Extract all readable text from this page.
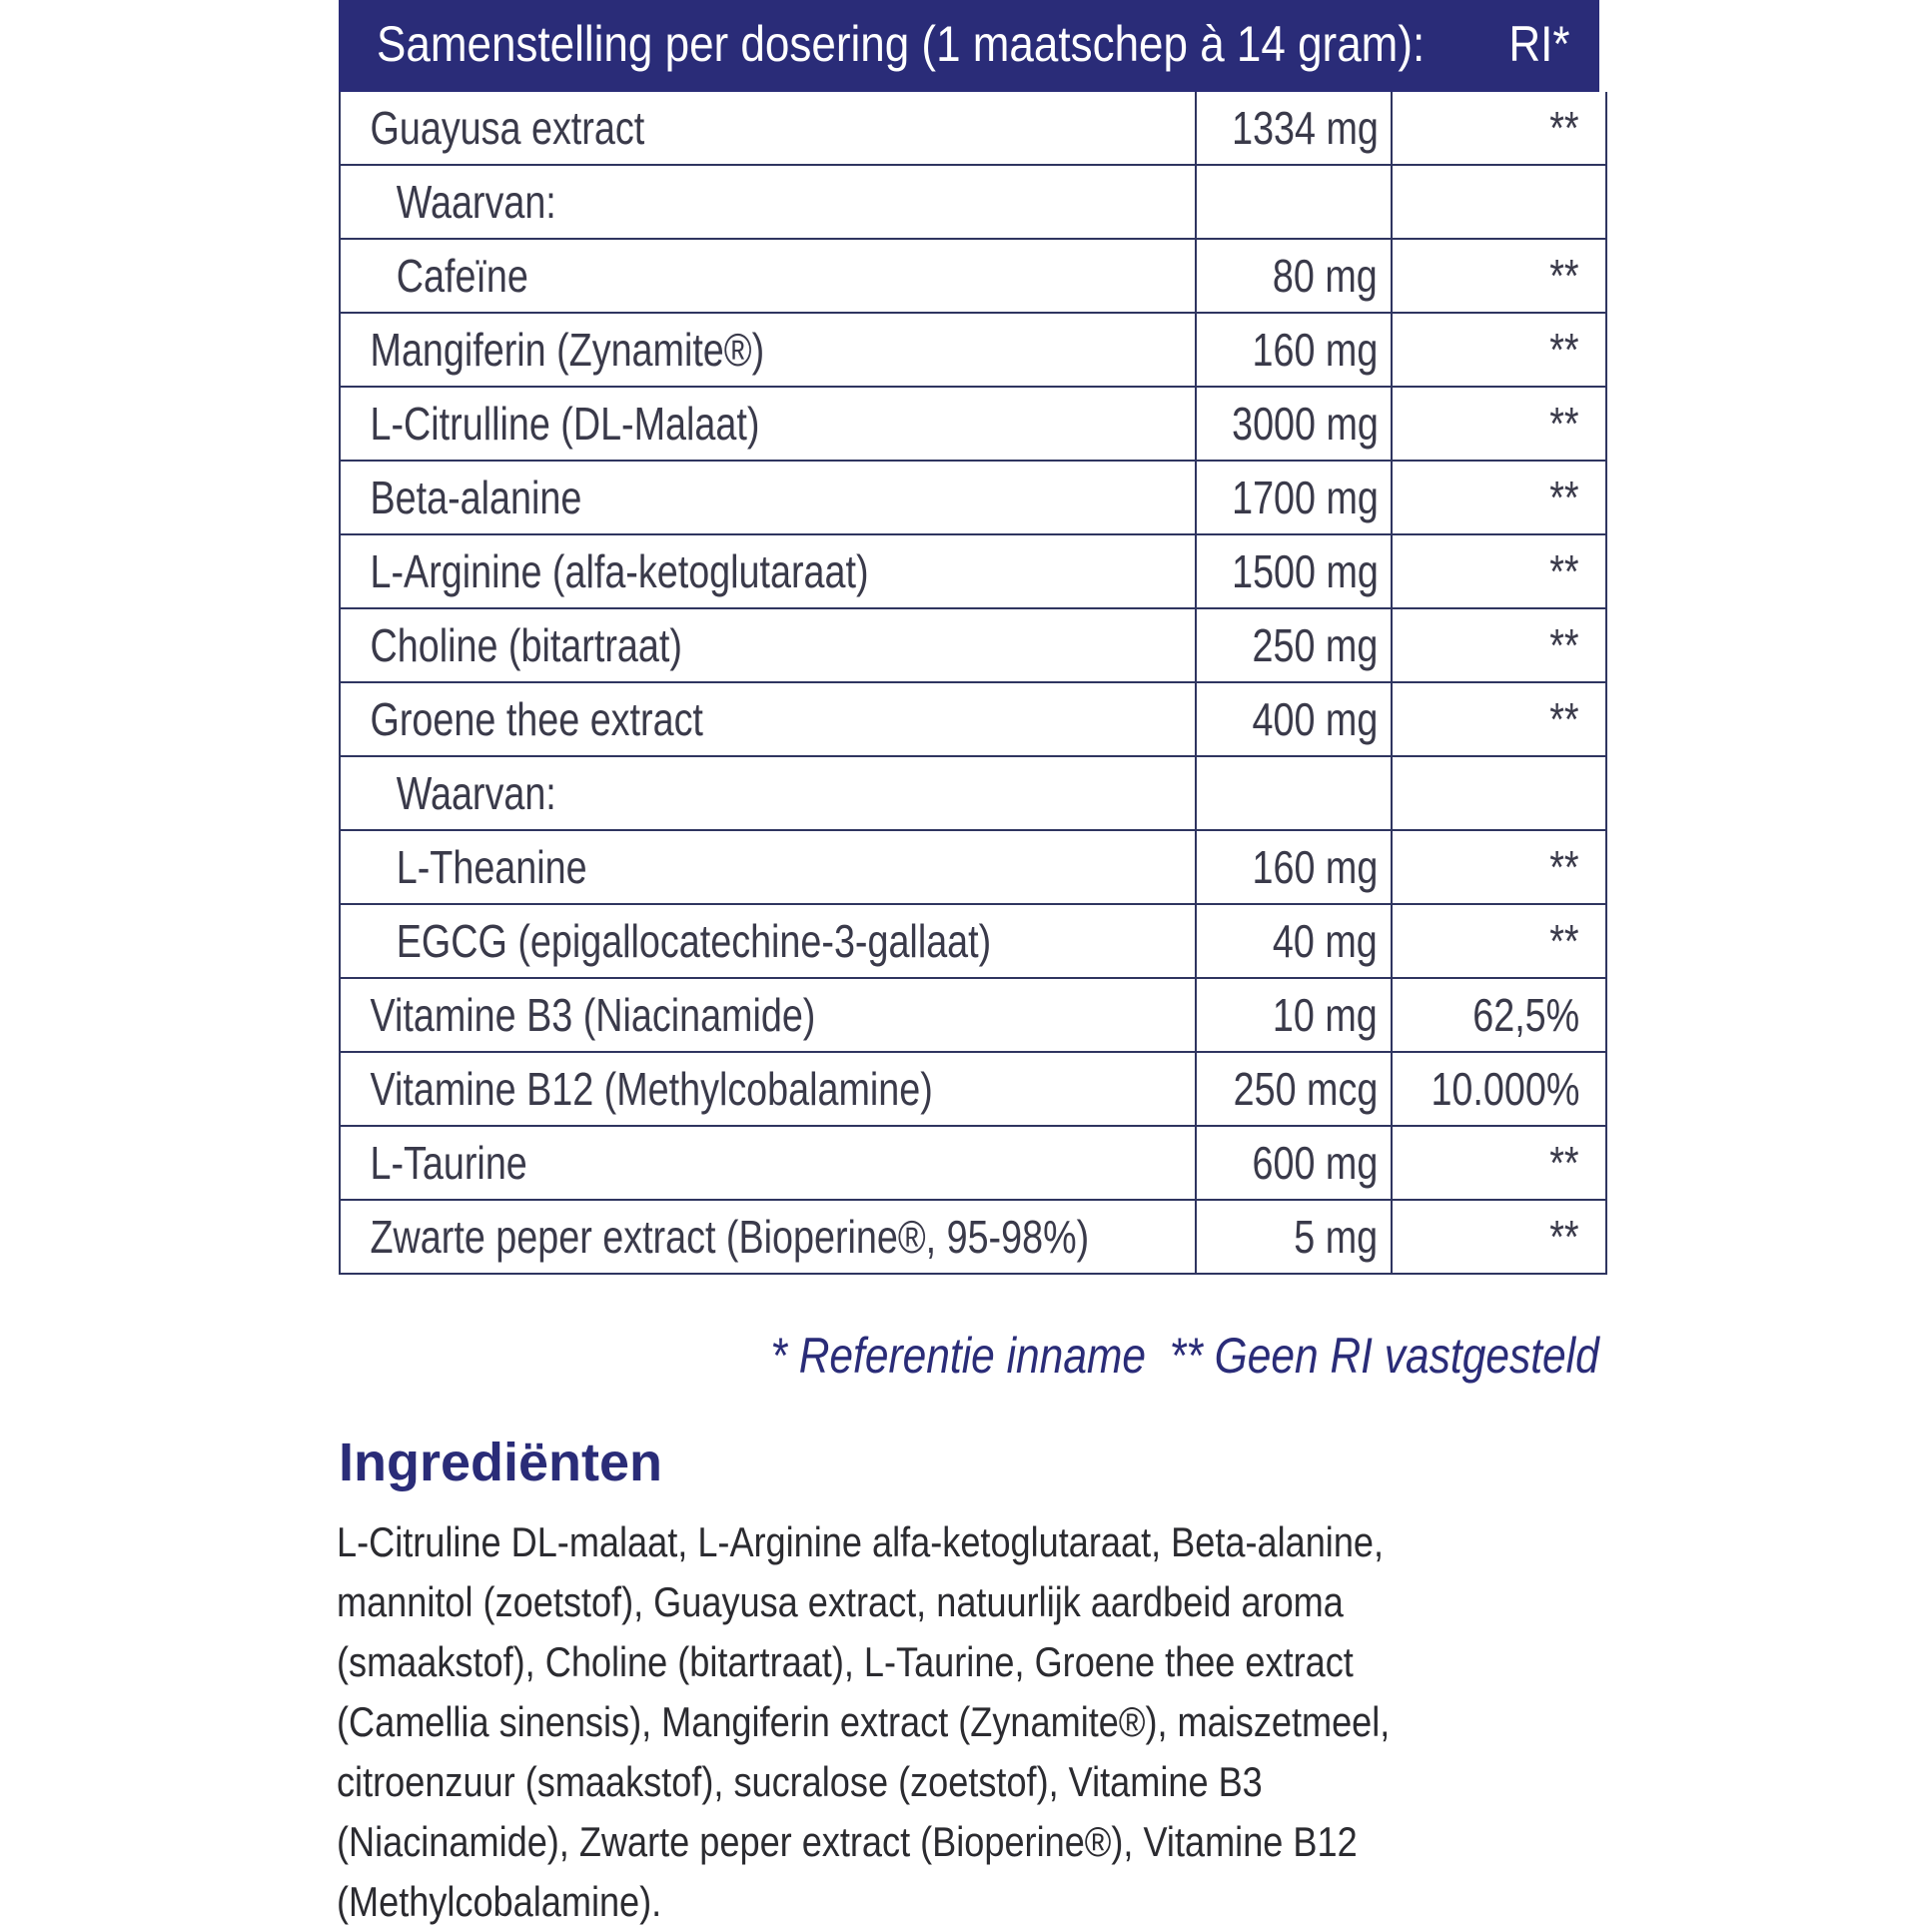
Samenstelling per dosering (1 maatschep à 14 gram): RI*
Guayusa extract	1334 mg	**
Waarvan:		
Cafeïne	80 mg	**
Mangiferin (Zynamite®)	160 mg	**
L-Citrulline (DL-Malaat)	3000 mg	**
Beta-alanine	1700 mg	**
L-Arginine (alfa-ketoglutaraat)	1500 mg	**
Choline (bitartraat)	250 mg	**
Groene thee extract	400 mg	**
Waarvan:		
L-Theanine	160 mg	**
EGCG (epigallocatechine-3-gallaat)	40 mg	**
Vitamine B3 (Niacinamide)	10 mg	62,5%
Vitamine B12 (Methylcobalamine)	250 mcg	10.000%
L-Taurine	600 mg	**
Zwarte peper extract (Bioperine®, 95-98%)	5 mg	**
* Referentie inname ** Geen RI vastgesteld
Ingrediënten
L-Citruline DL-malaat, L-Arginine alfa-ketoglutaraat, Beta-alanine,
mannitol (zoetstof), Guayusa extract, natuurlijk aardbeid aroma
(smaakstof), Choline (bitartraat), L-Taurine, Groene thee extract
(Camellia sinensis), Mangiferin extract (Zynamite®), maiszetmeel,
citroenzuur (smaakstof), sucralose (zoetstof), Vitamine B3
(Niacinamide), Zwarte peper extract (Bioperine®), Vitamine B12
(Methylcobalamine).
